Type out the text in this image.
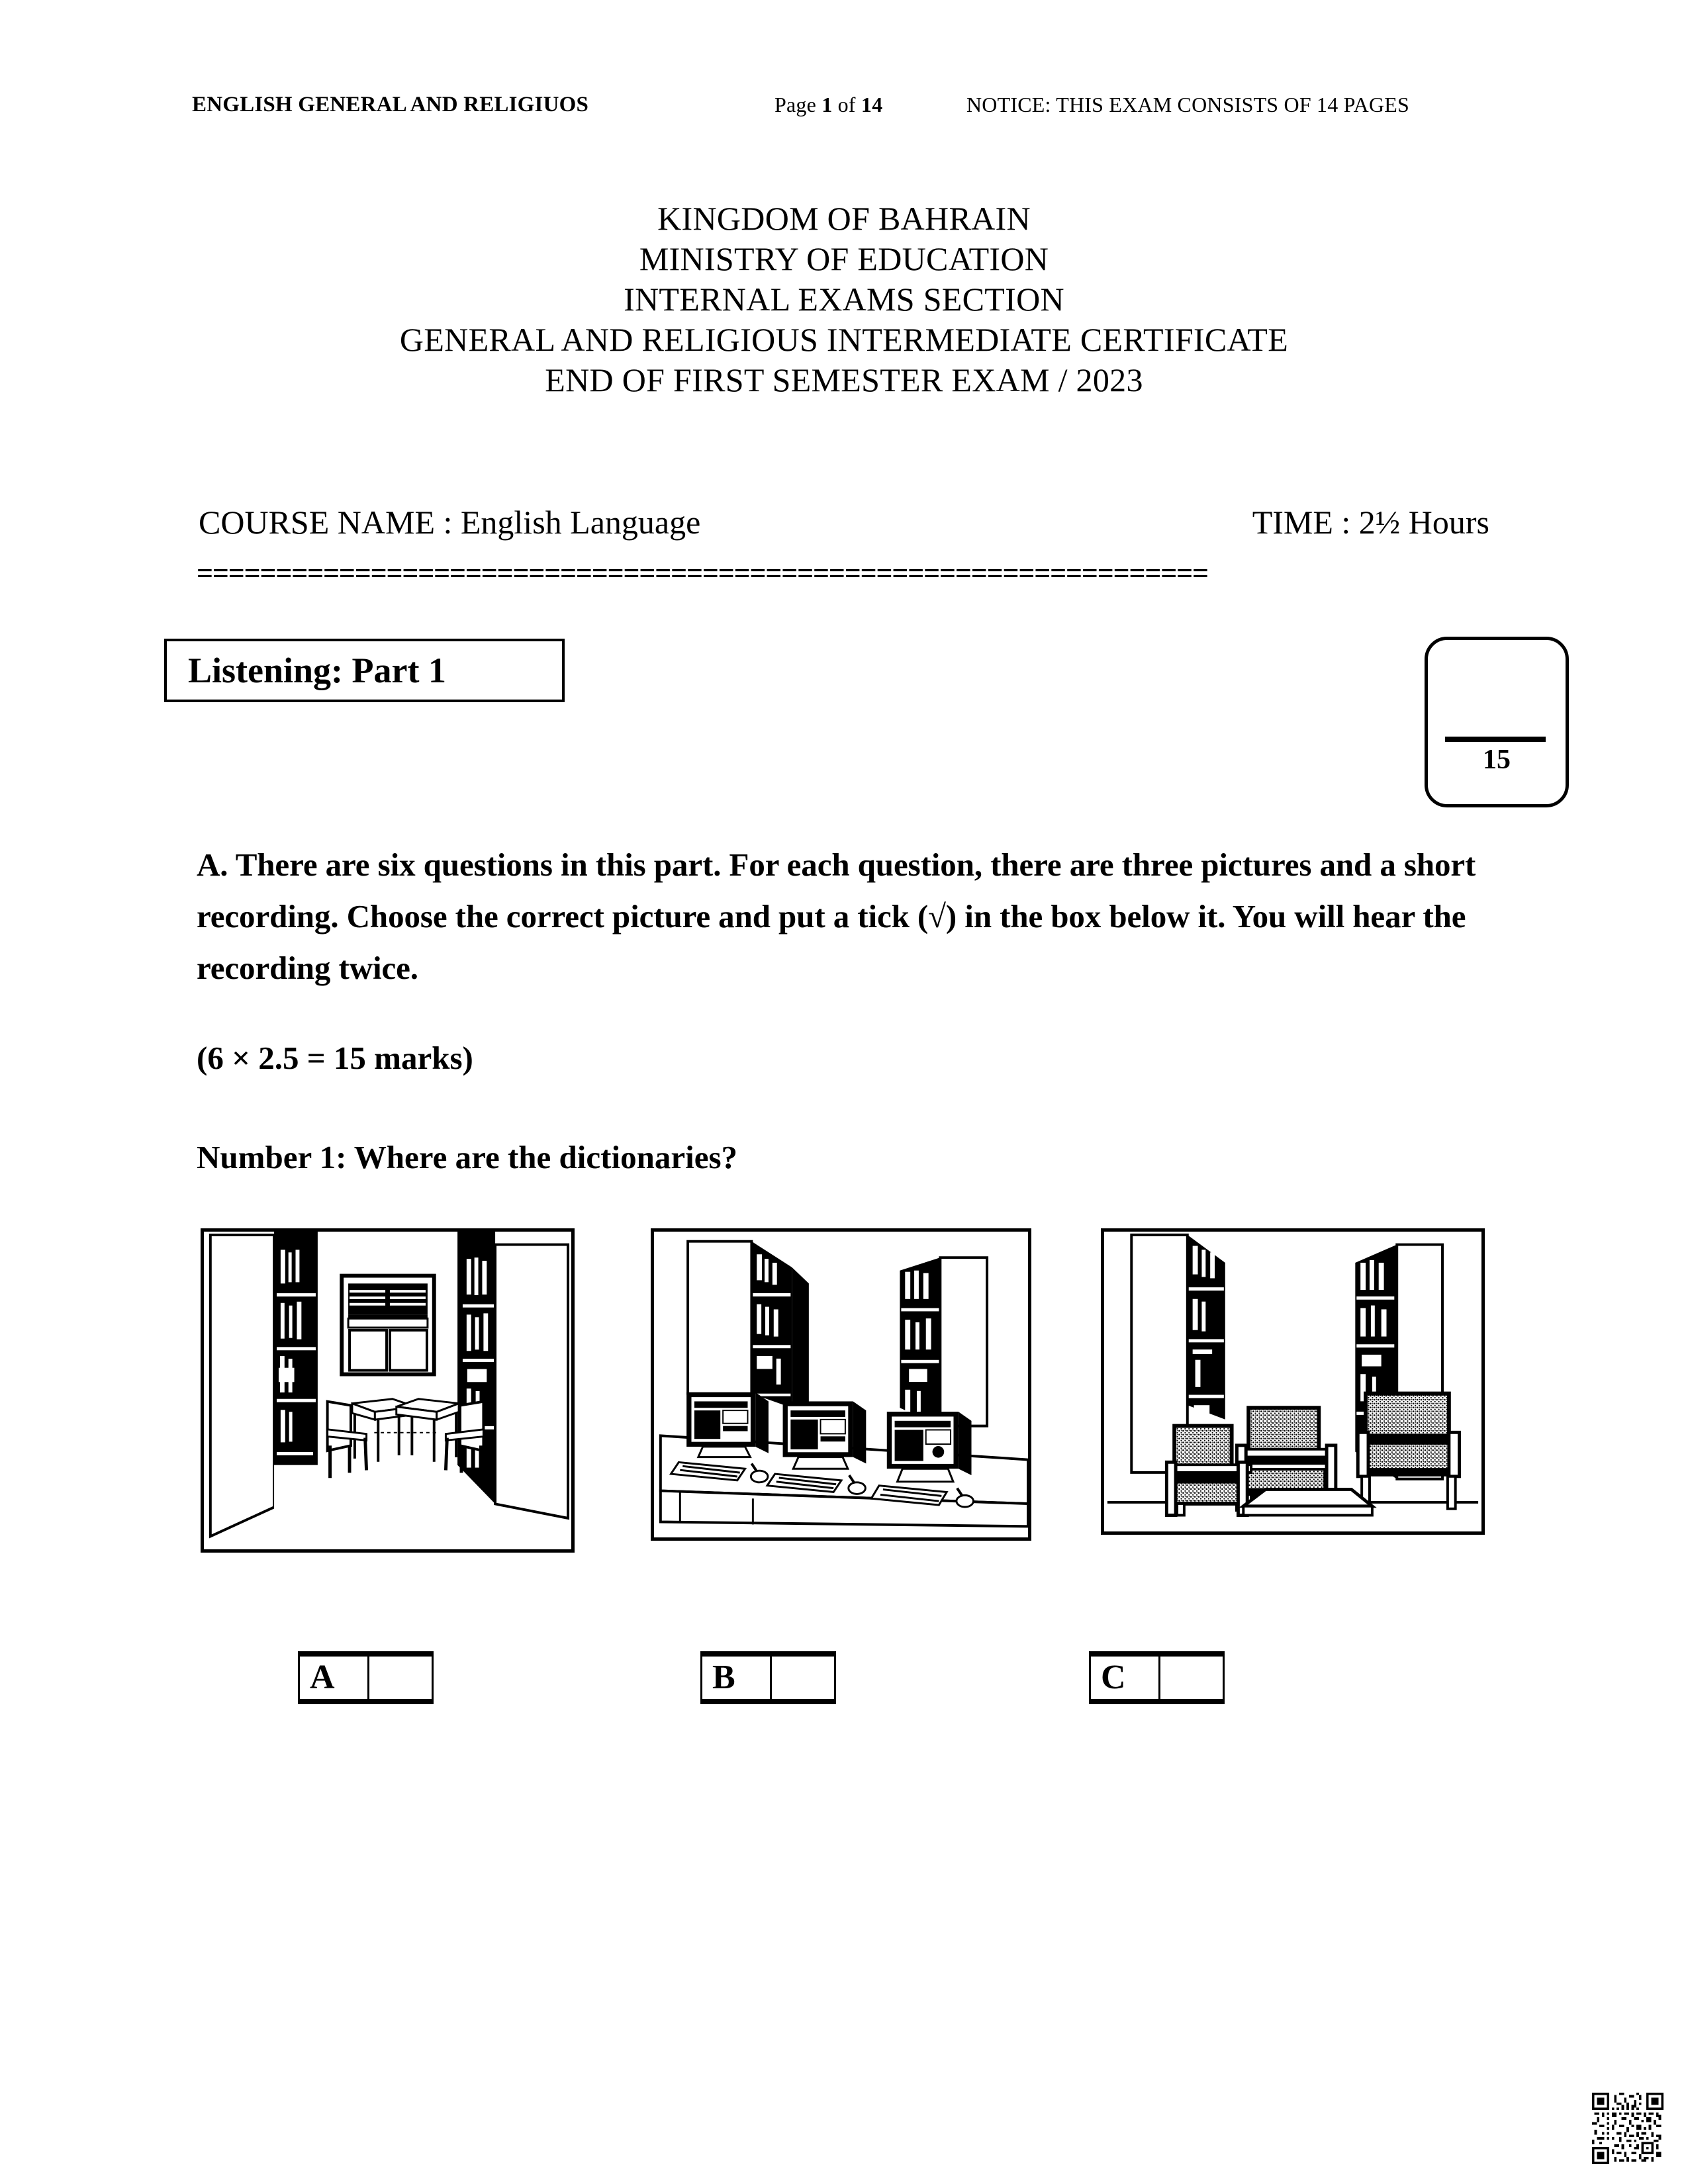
ENGLISH GENERAL AND RELIGIUOS	Page 1 of 14	NOTICE: THIS EXAM CONSISTS OF 14 PAGES
KINGDOM OF BAHRAIN
MINISTRY OF EDUCATION
INTERNAL EXAMS SECTION
GENERAL AND RELIGIOUS INTERMEDIATE CERTIFICATE
END OF FIRST SEMESTER EXAM / 2023
COURSE NAME : English Language	TIME : 2½ Hours
================================================================
Listening: Part 1
15
A. There are six questions in this part. For each question, there are three pictures and a short recording. Choose the correct picture and put a tick (√) in the box below it. You will hear the recording twice.
(6 × 2.5 = 15 marks)
Number 1: Where are the dictionaries?
A	B	C
